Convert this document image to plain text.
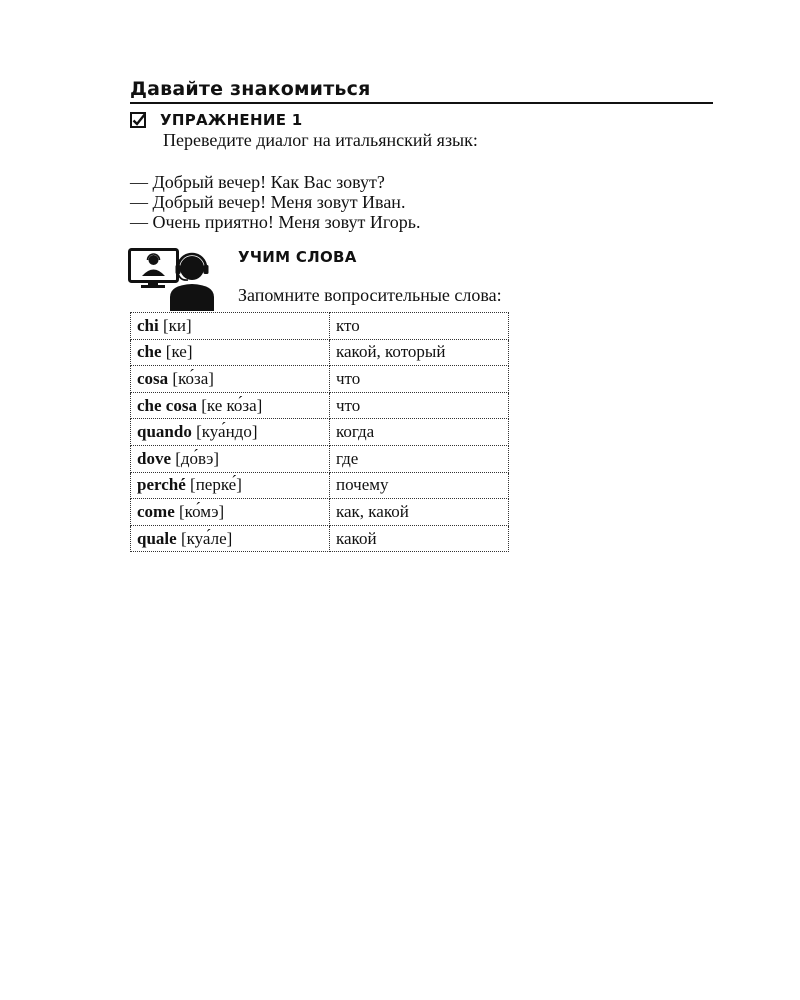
Давайте знакомиться
УПРАЖНЕНИЕ 1
Переведите диалог на итальянский язык:
— Добрый вечер! Как Вас зовут?
— Добрый вечер! Меня зовут Иван.
— Очень приятно! Меня зовут Игорь.
УЧИМ СЛОВА
Запомните вопросительные слова:
chi [ки]	кто
che [ке]	какой, который
cosa [ко́за]	что
che cosa [ке ко́за]	что
quando [куа́ндо]	когда
dove [до́вэ]	где
perché [перке́]	почему
come [ко́мэ]	как, какой
quale [куа́ле]	какой
